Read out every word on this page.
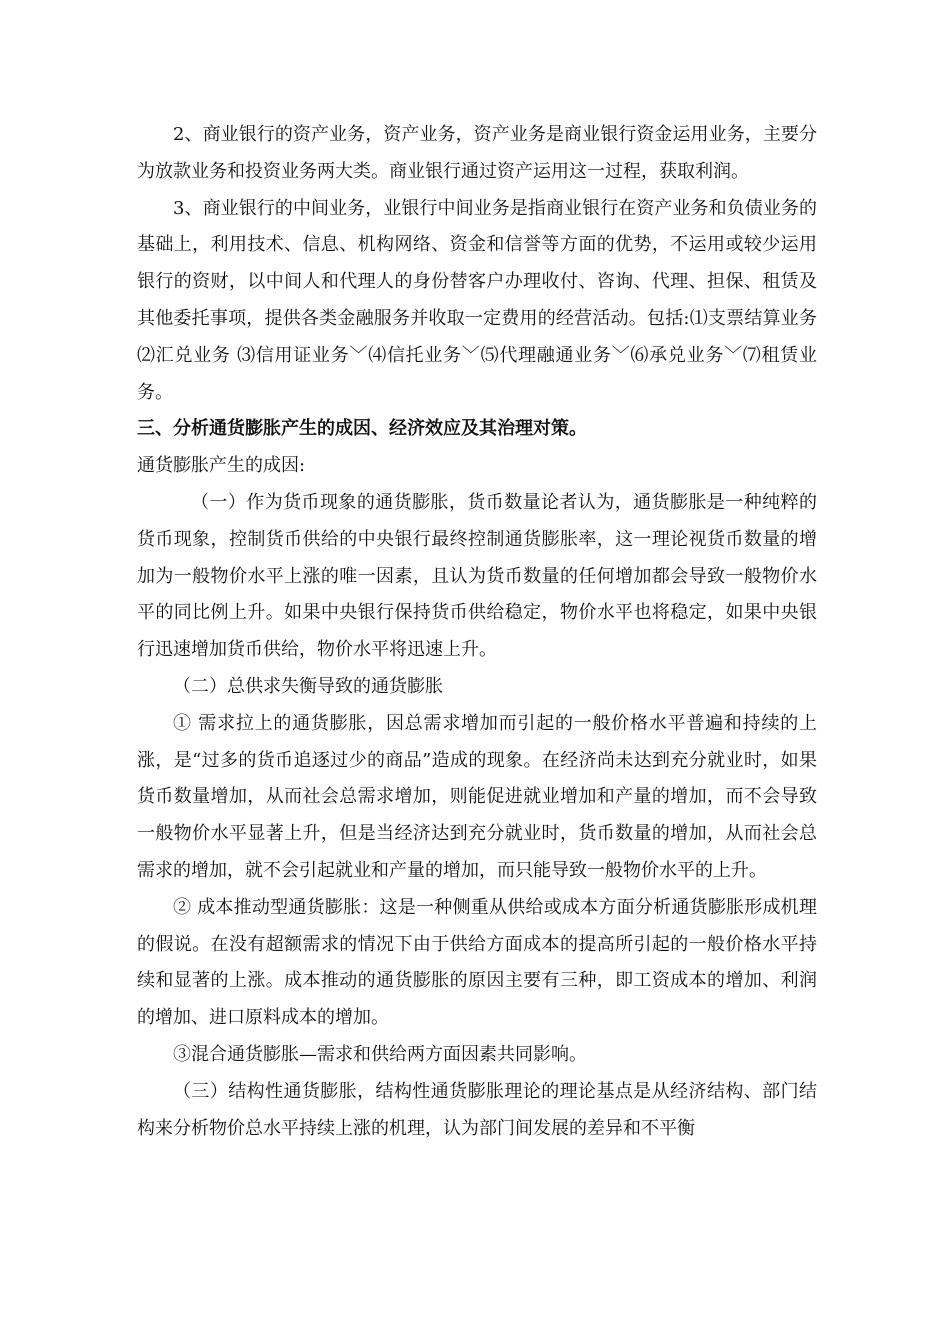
2、商业银行的资产业务，资产业务，资产业务是商业银行资金运用业务，主要分为放款业务和投资业务两大类。商业银行通过资产运用这一过程，获取利润。

3、商业银行的中间业务，业银行中间业务是指商业银行在资产业务和负债业务的基础上，利用技术、信息、机构网络、资金和信誉等方面的优势，不运用或较少运用银行的资财，以中间人和代理人的身份替客户办理收付、咨询、代理、担保、租赁及其他委托事项，提供各类金融服务并收取一定费用的经营活动。包括:⑴支票结算业务　⑵汇兑业务 ⑶信用证业务﹀⑷信托业务﹀⑸代理融通业务﹀⑹承兑业务﹀⑺租赁业务。

三、分析通货膨胀产生的成因、经济效应及其治理对策。

通货膨胀产生的成因:

（一）作为货币现象的通货膨胀，货币数量论者认为，通货膨胀是一种纯粹的货币现象，控制货币供给的中央银行最终控制通货膨胀率，这一理论视货币数量的增加为一般物价水平上涨的唯一因素，且认为货币数量的任何增加都会导致一般物价水平的同比例上升。如果中央银行保持货币供给稳定，物价水平也将稳定，如果中央银行迅速增加货币供给，物价水平将迅速上升。

（二）总供求失衡导致的通货膨胀

① 需求拉上的通货膨胀，因总需求增加而引起的一般价格水平普遍和持续的上涨，是“过多的货币追逐过少的商品”造成的现象。在经济尚未达到充分就业时，如果货币数量增加，从而社会总需求增加，则能促进就业增加和产量的增加，而不会导致一般物价水平显著上升，但是当经济达到充分就业时，货币数量的增加，从而社会总需求的增加，就不会引起就业和产量的增加，而只能导致一般物价水平的上升。

② 成本推动型通货膨胀：这是一种侧重从供给或成本方面分析通货膨胀形成机理的假说。在没有超额需求的情况下由于供给方面成本的提高所引起的一般价格水平持续和显著的上涨。成本推动的通货膨胀的原因主要有三种，即工资成本的增加、利润的增加、进口原料成本的增加。

③混合通货膨胀—需求和供给两方面因素共同影响。

（三）结构性通货膨胀，结构性通货膨胀理论的理论基点是从经济结构、部门结构来分析物价总水平持续上涨的机理，认为部门间发展的差异和不平衡
